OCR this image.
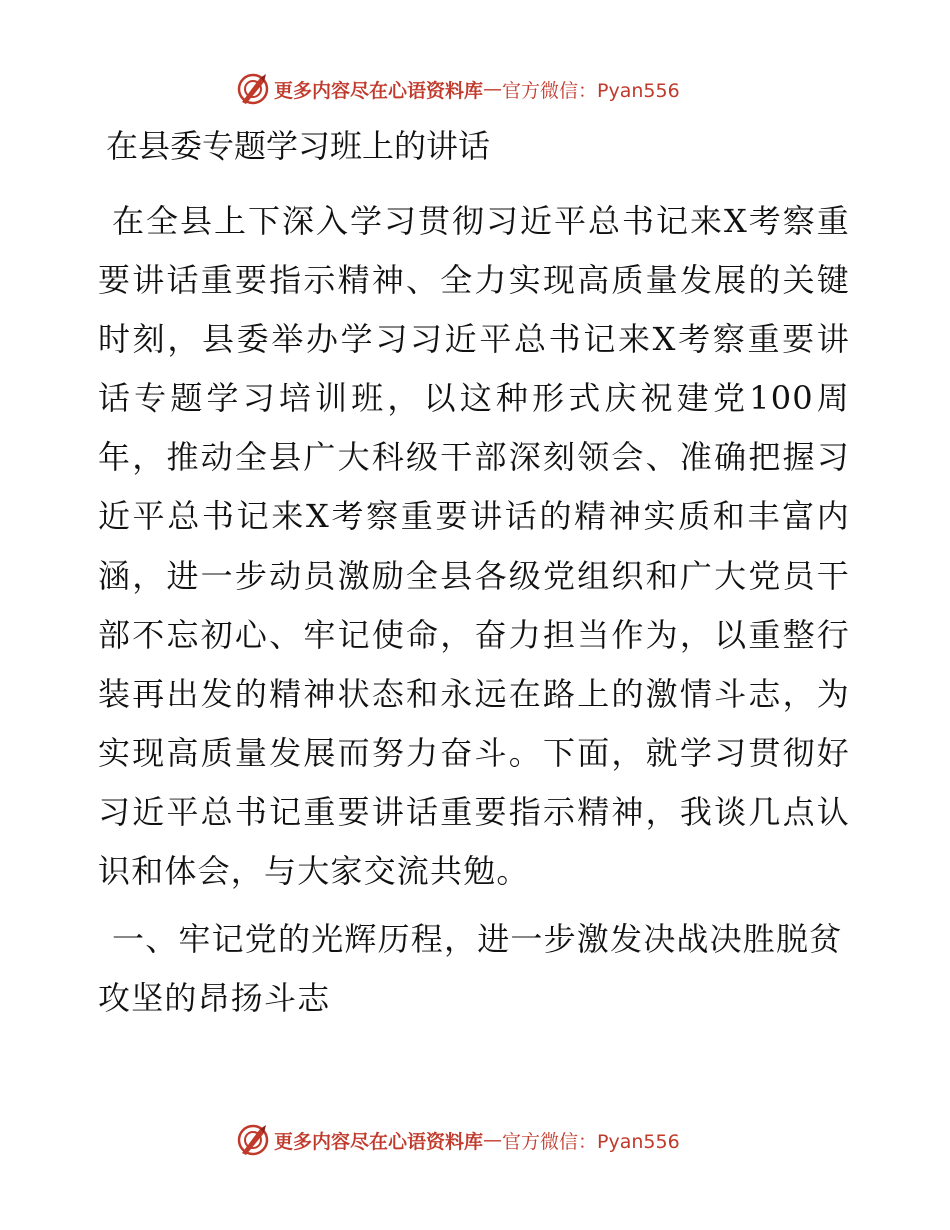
更多内容尽在心语资料库 — 官方微信：Pyan556
在县委专题学习班上的讲话

在全县上下深入学习贯彻习近平总书记来X考察重要讲话重要指示精神、全力实现高质量发展的关键时刻，县委举办学习习近平总书记来X考察重要讲话专题学习培训班，以这种形式庆祝建党100周年，推动全县广大科级干部深刻领会、准确把握习近平总书记来X考察重要讲话的精神实质和丰富内涵，进一步动员激励全县各级党组织和广大党员干部不忘初心、牢记使命，奋力担当作为，以重整行装再出发的精神状态和永远在路上的激情斗志，为实现高质量发展而努力奋斗。下面，就学习贯彻好习近平总书记重要讲话重要指示精神，我谈几点认识和体会，与大家交流共勉。

一、牢记党的光辉历程，进一步激发决战决胜脱贫攻坚的昂扬斗志
更多内容尽在心语资料库 — 官方微信：Pyan556
